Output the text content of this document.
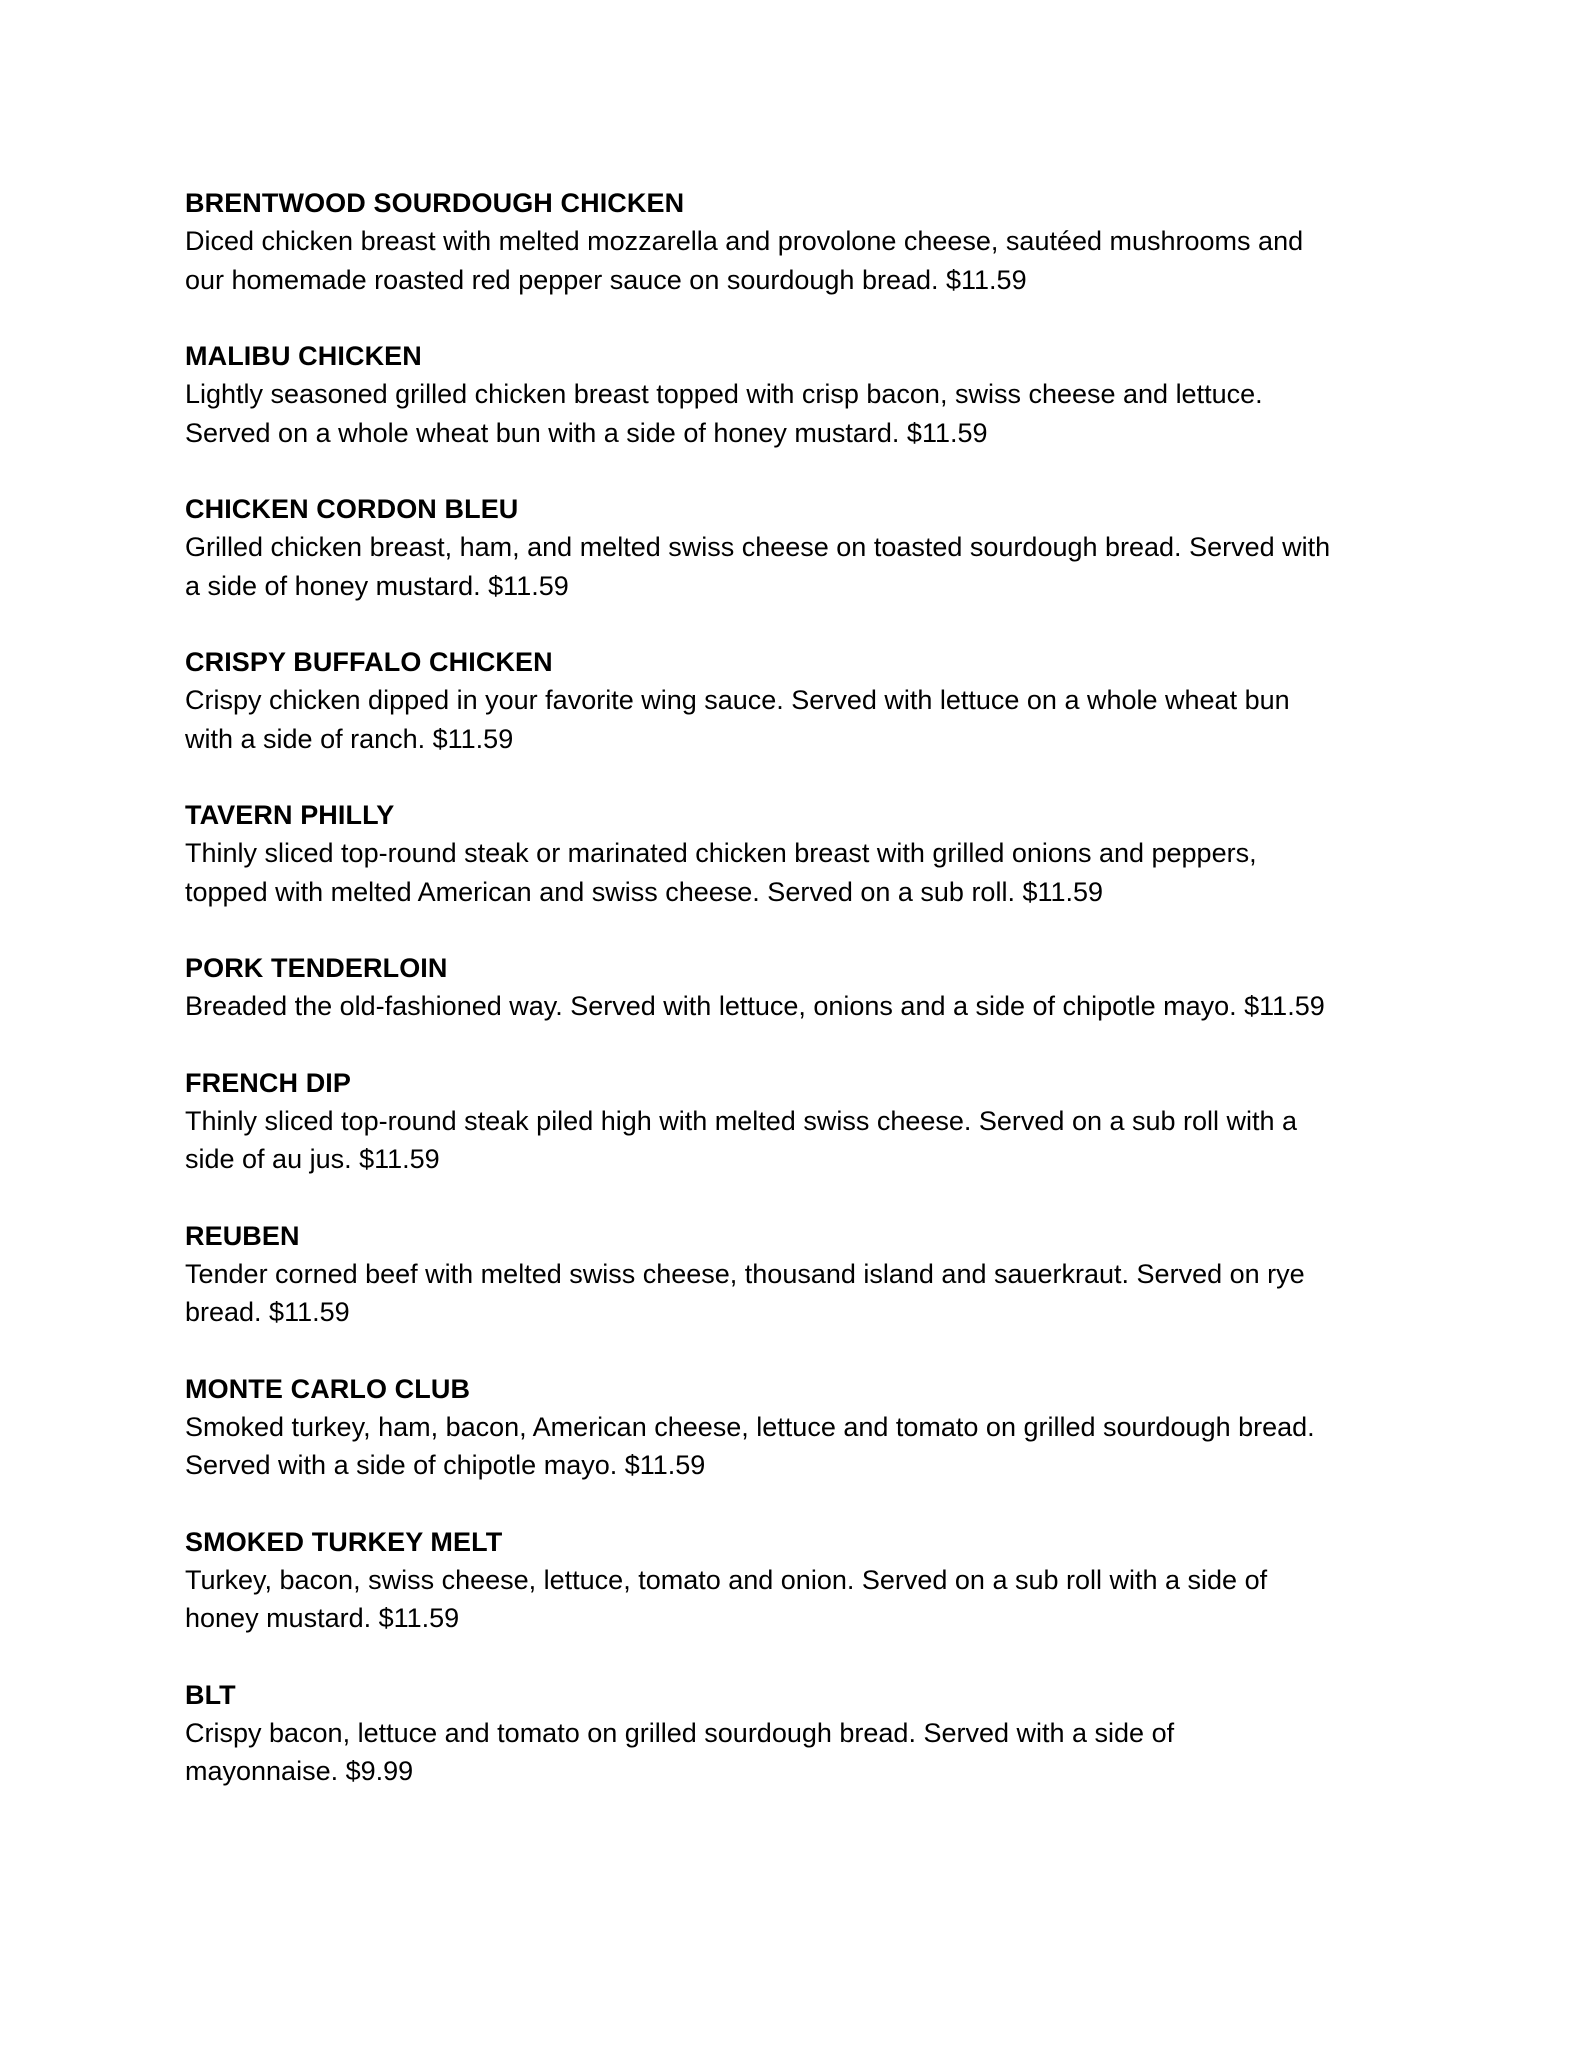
BRENTWOOD SOURDOUGH CHICKEN
Diced chicken breast with melted mozzarella and provolone cheese, sautéed mushrooms and
our homemade roasted red pepper sauce on sourdough bread. $11.59
MALIBU CHICKEN
Lightly seasoned grilled chicken breast topped with crisp bacon, swiss cheese and lettuce.
Served on a whole wheat bun with a side of honey mustard. $11.59
CHICKEN CORDON BLEU
Grilled chicken breast, ham, and melted swiss cheese on toasted sourdough bread. Served with
a side of honey mustard. $11.59
CRISPY BUFFALO CHICKEN
Crispy chicken dipped in your favorite wing sauce. Served with lettuce on a whole wheat bun
with a side of ranch. $11.59
TAVERN PHILLY
Thinly sliced top-round steak or marinated chicken breast with grilled onions and peppers,
topped with melted American and swiss cheese. Served on a sub roll. $11.59
PORK TENDERLOIN
Breaded the old-fashioned way. Served with lettuce, onions and a side of chipotle mayo. $11.59
FRENCH DIP
Thinly sliced top-round steak piled high with melted swiss cheese. Served on a sub roll with a
side of au jus. $11.59
REUBEN
Tender corned beef with melted swiss cheese, thousand island and sauerkraut. Served on rye
bread. $11.59
MONTE CARLO CLUB
Smoked turkey, ham, bacon, American cheese, lettuce and tomato on grilled sourdough bread.
Served with a side of chipotle mayo. $11.59
SMOKED TURKEY MELT
Turkey, bacon, swiss cheese, lettuce, tomato and onion. Served on a sub roll with a side of
honey mustard. $11.59
BLT
Crispy bacon, lettuce and tomato on grilled sourdough bread. Served with a side of
mayonnaise. $9.99
